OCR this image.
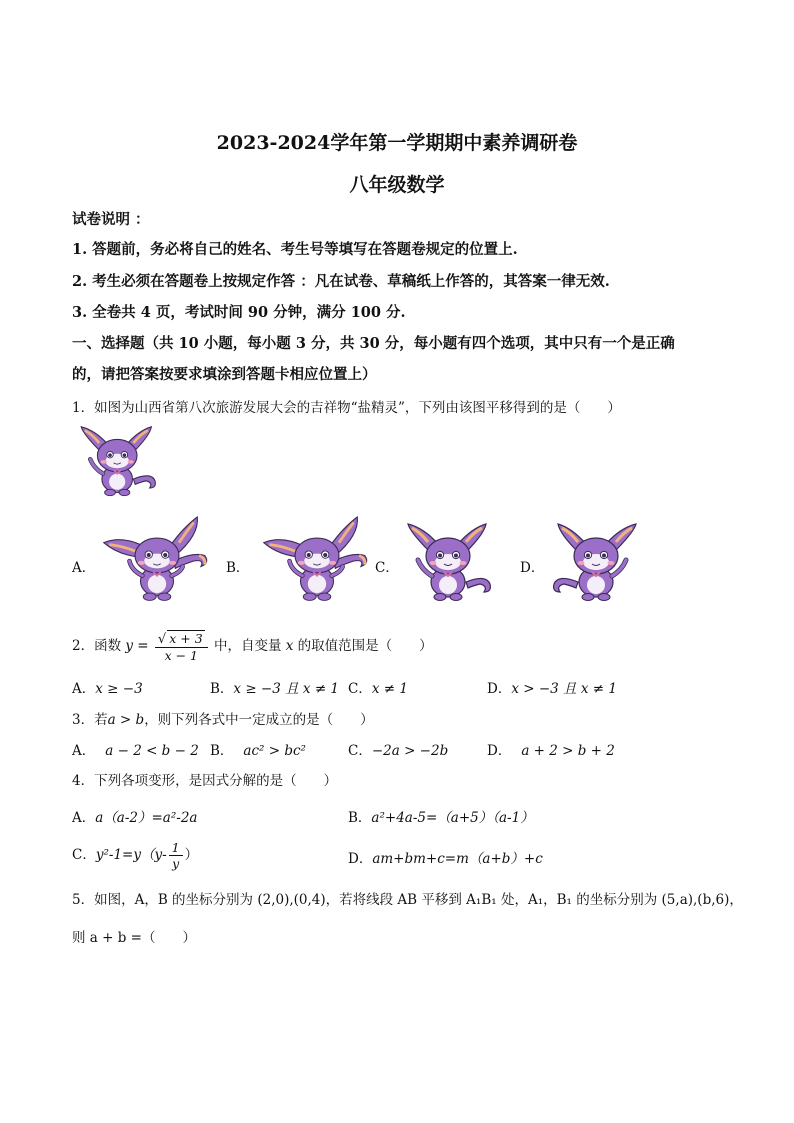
2023-2024学年第一学期期中素养调研卷
八年级数学
试卷说明 ：
1. 答题前，务必将自己的姓名、考生号等填写在答题卷规定的位置上.
2. 考生必须在答题卷上按规定作答 ：凡在试卷、草稿纸上作答的，其答案一律无效.
3. 全卷共 4 页，考试时间 90 分钟，满分 100 分.
一、选择题（共 10 小题，每小题 3 分，共 30 分，每小题有四个选项，其中只有一个是正确
的，请把答案按要求填涂到答题卡相应位置上）
1．如图为山西省第八次旅游发展大会的吉祥物“盐精灵”，下列由该图平移得到的是（　　）
A．	B．	C．	D．
2．函数 $y = \frac{√ x + 3}{x - 1}$ 中，自变量 x 的取值范围是（　　）
A．x ≥ −3	B．x ≥ −3 且 x ≠ 1 C．x ≠ 1	D．x > −3 且 x ≠ 1
3．若a > b，则下列各式中一定成立的是（　　）
A． a − 2 < b − 2 B． ac² > bc²	C．−2a > −2b	D． a + 2 > b + 2
4．下列各项变形，是因式分解的是（　　）
A．a（a-2）=a²-2a	B．a²+4a-5=（a+5）（a-1）
C．$y^2-1=y(y- \frac{1}{y}$ ）	D．am+bm+c=m（a+b）+c
5．如图，A，B 的坐标分别为 (2,0),(0,4)，若将线段 AB 平移到 A₁B₁ 处，A₁，B₁ 的坐标分别为 (5,a),(b,6)，
则 a + b =（　　）
